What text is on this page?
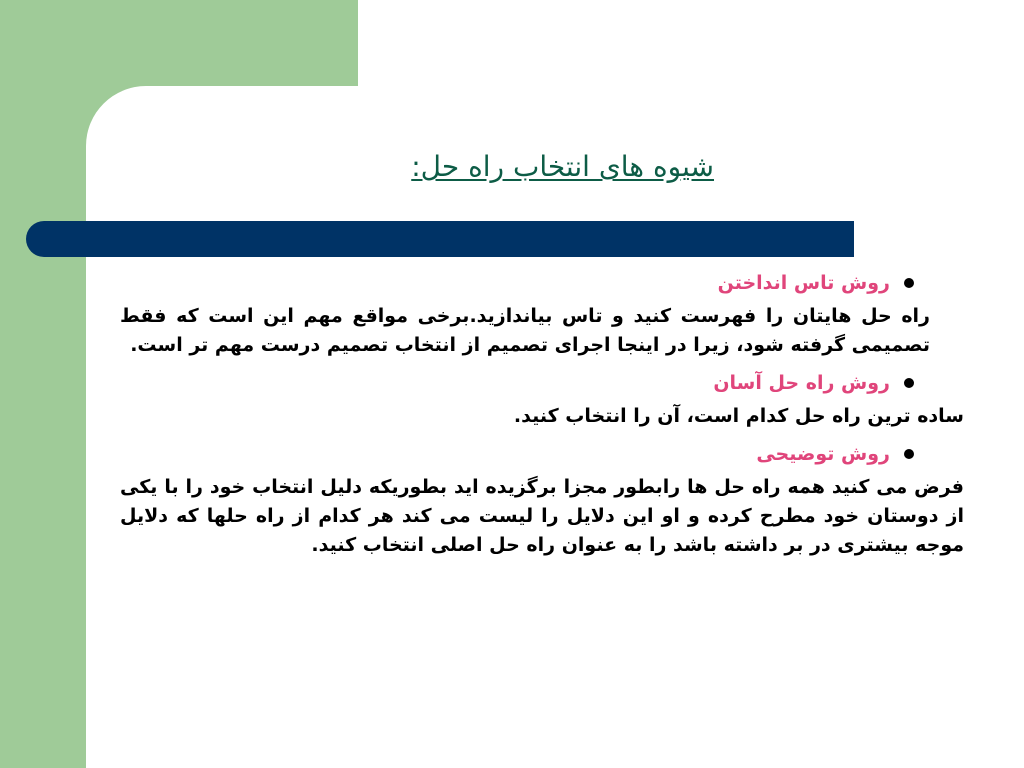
شیوه های انتخاب راه حل:
روش تاس انداختن
راه حل هایتان را فهرست کنید و تاس بیاندازید.برخی مواقع مهم این است که فقط تصمیمی گرفته شود، زیرا در اینجا اجرای تصمیم از انتخاب تصمیم درست مهم تر است.
روش راه حل آسان
ساده ترین راه حل کدام است، آن را انتخاب کنید.
روش توضیحی
فرض می کنید همه راه حل ها رابطور مجزا برگزیده اید بطوریکه دلیل انتخاب خود را با یکی از دوستان خود مطرح کرده و او این دلایل را لیست می کند هر کدام از راه حلها که دلایل موجه بیشتری در بر داشته باشد را به عنوان راه حل اصلی انتخاب کنید.
